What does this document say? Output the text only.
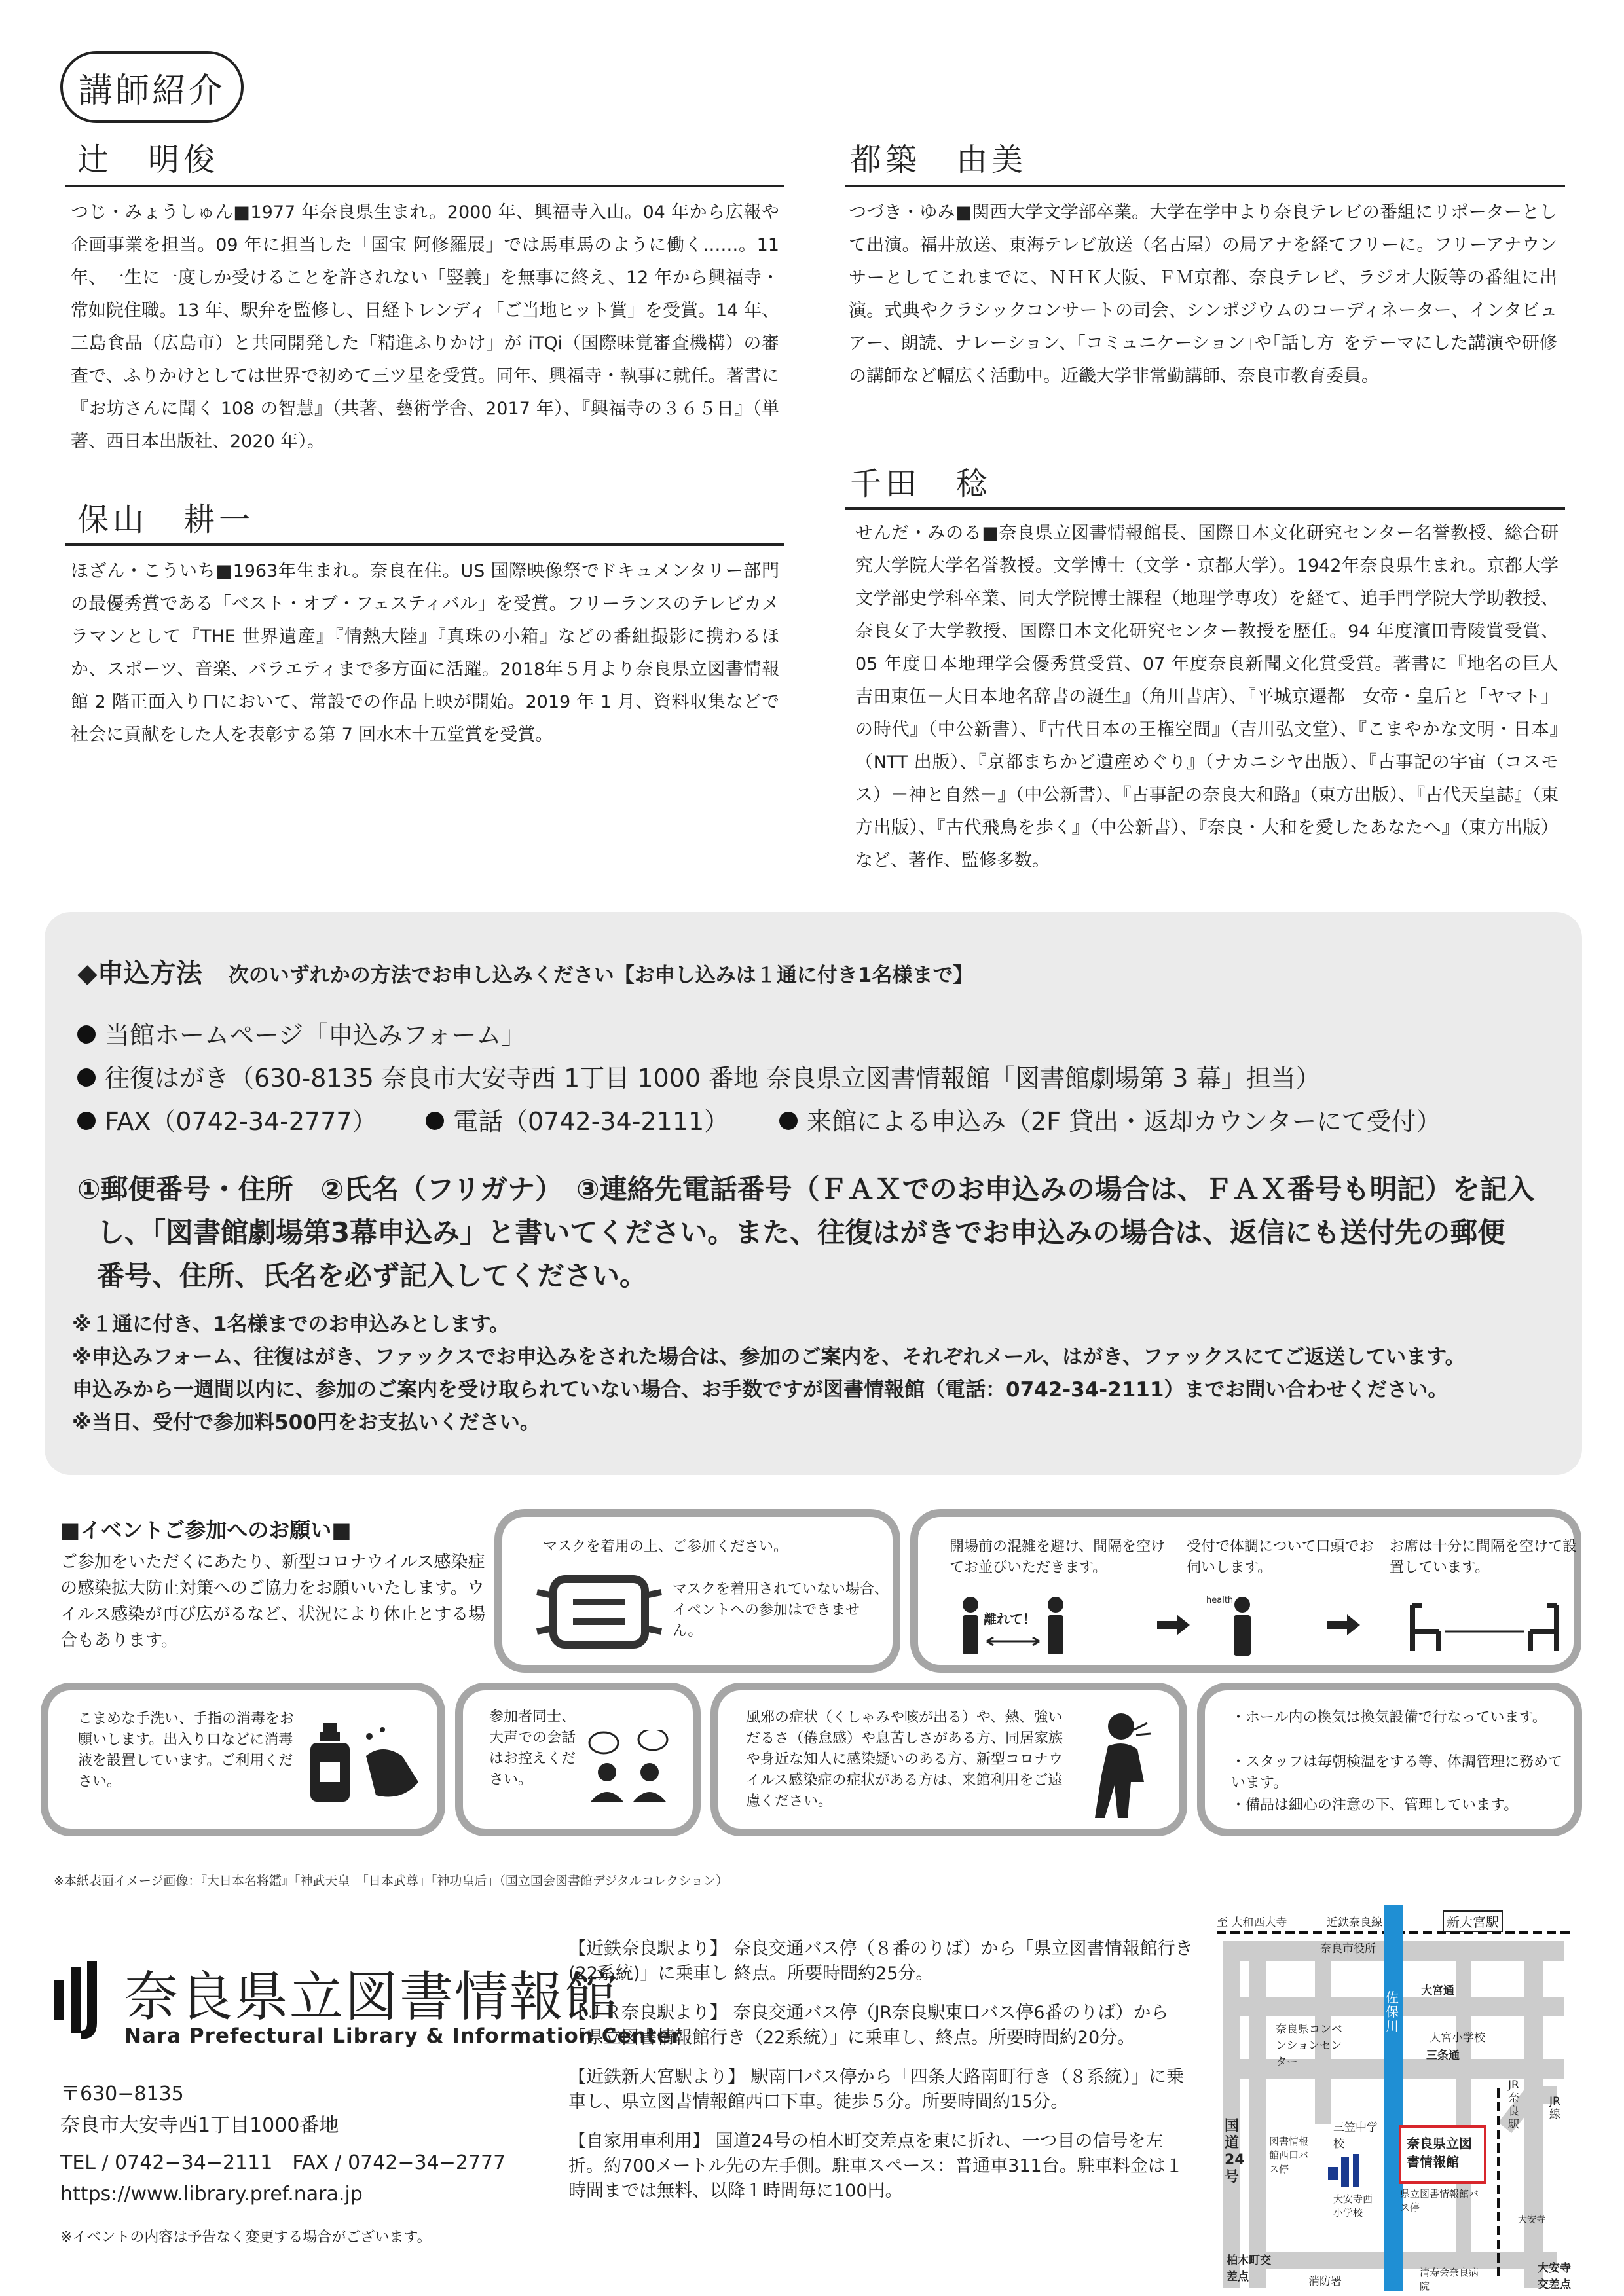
講師紹介
辻　明俊
つじ・みょうしゅん■1977 年奈良県生まれ。2000 年、興福寺入山。04 年から広報や企画事業を担当。09 年に担当した「国宝 阿修羅展」では馬車馬のように働く……。11 年、一生に一度しか受けることを許されない「竪義」を無事に終え、12 年から興福寺・常如院住職。13 年、駅弁を監修し、日経トレンディ「ご当地ヒット賞」を受賞。14 年、三島食品（広島市）と共同開発した「精進ふりかけ」が iTQi（国際味覚審査機構）の審査で、ふりかけとしては世界で初めて三ツ星を受賞。同年、興福寺・執事に就任。著書に『お坊さんに聞く 108 の智慧』（共著、藝術学舎、2017 年）、『興福寺の３６５日』（単著、西日本出版社、2020 年）。
都築　由美
つづき・ゆみ■関西大学文学部卒業。大学在学中より奈良テレビの番組にリポーターとして出演。福井放送、東海テレビ放送（名古屋）の局アナを経てフリーに。フリーアナウンサーとしてこれまでに、ＮＨＫ大阪、ＦＭ京都、奈良テレビ、ラジオ大阪等の番組に出演。式典やクラシックコンサートの司会、シンポジウムのコーディネーター、インタビュアー、朗読、ナレーション、｢コミュニケーション｣や｢話し方｣をテーマにした講演や研修の講師など幅広く活動中。近畿大学非常勤講師、奈良市教育委員。
保山　耕一
ほざん・こういち■1963年生まれ。奈良在住。US 国際映像祭でドキュメンタリー部門の最優秀賞である「ベスト・オブ・フェスティバル」を受賞。フリーランスのテレビカメラマンとして『THE 世界遺産』『情熱大陸』『真珠の小箱』などの番組撮影に携わるほか、スポーツ、音楽、バラエティまで多方面に活躍。2018年５月より奈良県立図書情報館 2 階正面入り口において、常設での作品上映が開始。2019 年 1 月、資料収集などで社会に貢献をした人を表彰する第 7 回水木十五堂賞を受賞。
千田　稔
せんだ・みのる■奈良県立図書情報館長、国際日本文化研究センター名誉教授、総合研究大学院大学名誉教授。文学博士（文学・京都大学）。1942年奈良県生まれ。京都大学文学部史学科卒業、同大学院博士課程（地理学専攻）を経て、追手門学院大学助教授、奈良女子大学教授、国際日本文化研究センター教授を歴任。94 年度濱田青陵賞受賞、05 年度日本地理学会優秀賞受賞、07 年度奈良新聞文化賞受賞。著書に『地名の巨人　吉田東伍－大日本地名辞書の誕生』（角川書店）、『平城京遷都　女帝・皇后と「ヤマト」の時代』（中公新書）、『古代日本の王権空間』（吉川弘文堂）、『こまやかな文明・日本』　（NTT 出版）、『京都まちかど遺産めぐり』（ナカニシヤ出版）、『古事記の宇宙（コスモス）－神と自然－』（中公新書）、『古事記の奈良大和路』（東方出版）、『古代天皇誌』（東方出版）、『古代飛鳥を歩く』（中公新書）、『奈良・大和を愛したあなたへ』（東方出版）など、著作、監修多数。
◆申込方法 次のいずれかの方法でお申し込みください【お申し込みは１通に付き1名様まで】
当館ホームページ「申込みフォーム」
往復はがき（630-8135 奈良市大安寺西 1丁目 1000 番地 奈良県立図書情報館「図書館劇場第 3 幕」担当）
FAX（0742-34-2777）	電話（0742-34-2111）	来館による申込み（2F 貸出・返却カウンターにて受付）
①郵便番号・住所　②氏名（フリガナ）　③連絡先電話番号（ＦＡＸでのお申込みの場合は、ＦＡＸ番号も明記）を記入
し、「図書館劇場第3幕申込み」と書いてください。また、往復はがきでお申込みの場合は、返信にも送付先の郵便
番号、住所、氏名を必ず記入してください。
※１通に付き、1名様までのお申込みとします。
※申込みフォーム、往復はがき、ファックスでお申込みをされた場合は、参加のご案内を、それぞれメール、はがき、ファックスにてご返送しています。
申込みから一週間以内に、参加のご案内を受け取られていない場合、お手数ですが図書情報館（電話：0742-34-2111）までお問い合わせください。
※当日、受付で参加料500円をお支払いください。
■イベントご参加へのお願い■
ご参加をいただくにあたり、新型コロナウイルス感染症の感染拡大防止対策へのご協力をお願いいたします。ウイルス感染が再び広がるなど、状況により休止とする場合もあります。
マスクを着用の上、ご参加ください。
マスクを着用されていない場合、イベントへの参加はできません。
開場前の混雑を避け、間隔を空けてお並びいただきます。
受付で体調について口頭でお伺いします。
お席は十分に間隔を空けて設置しています。
離れて！
health
こまめな手洗い、手指の消毒をお願いします。出入り口などに消毒液を設置しています。ご利用ください。
参加者同士、大声での会話はお控えください。
風邪の症状（くしゃみや咳が出る）や、熱、強いだるさ（倦怠感）や息苦しさがある方、同居家族や身近な知人に感染疑いのある方、新型コロナウイルス感染症の症状がある方は、来館利用をご遠慮ください。
・ホール内の換気は換気設備で行なっています。
・スタッフは毎朝検温をする等、体調管理に務めています。
・備品は細心の注意の下、管理しています。
※本紙表面イメージ画像：『大日本名将鑑』「神武天皇」「日本武尊」「神功皇后」（国立国会図書館デジタルコレクション）
奈良県立図書情報館
Nara Prefectural Library & Information Center
〒630−8135
奈良市大安寺西1丁目1000番地
TEL / 0742−34−2111　FAX / 0742−34−2777
https://www.library.pref.nara.jp
※イベントの内容は予告なく変更する場合がございます。

【近鉄奈良駅より】 奈良交通バス停（８番のりば）から「県立図書情報館行き(22系統)」に乗車し 終点。所要時間約25分。

【ＪＲ奈良駅より】 奈良交通バス停（JR奈良駅東口バス停6番のりば）から「県立図書情報館行き（22系統）」に乗車し、終点。所要時間約20分。

【近鉄新大宮駅より】 駅南口バス停から「四条大路南町行き（８系統）」に乗車し、県立図書情報館西口下車。徒歩５分。所要時間約15分。

【自家用車利用】 国道24号の柏木町交差点を東に折れ、一つ目の信号を左折。約700メートル先の左手側。駐車スペース：普通車311台。駐車料金は１時間までは無料、以降１時間毎に100円。

至 大和西大寺	近鉄奈良線	新大宮駅
奈良市役所
大宮通
大宮小学校
奈良県コンベンションセンター
佐保川
三条通
JR奈良駅
JR線
三笠中学校
国道24号
図書情報館西口バス停
奈良県立図書情報館
県立図書情報館バス停
大安寺西小学校
柏木町交差点	消防署
清寿会奈良病院
大安寺
大安寺交差点
